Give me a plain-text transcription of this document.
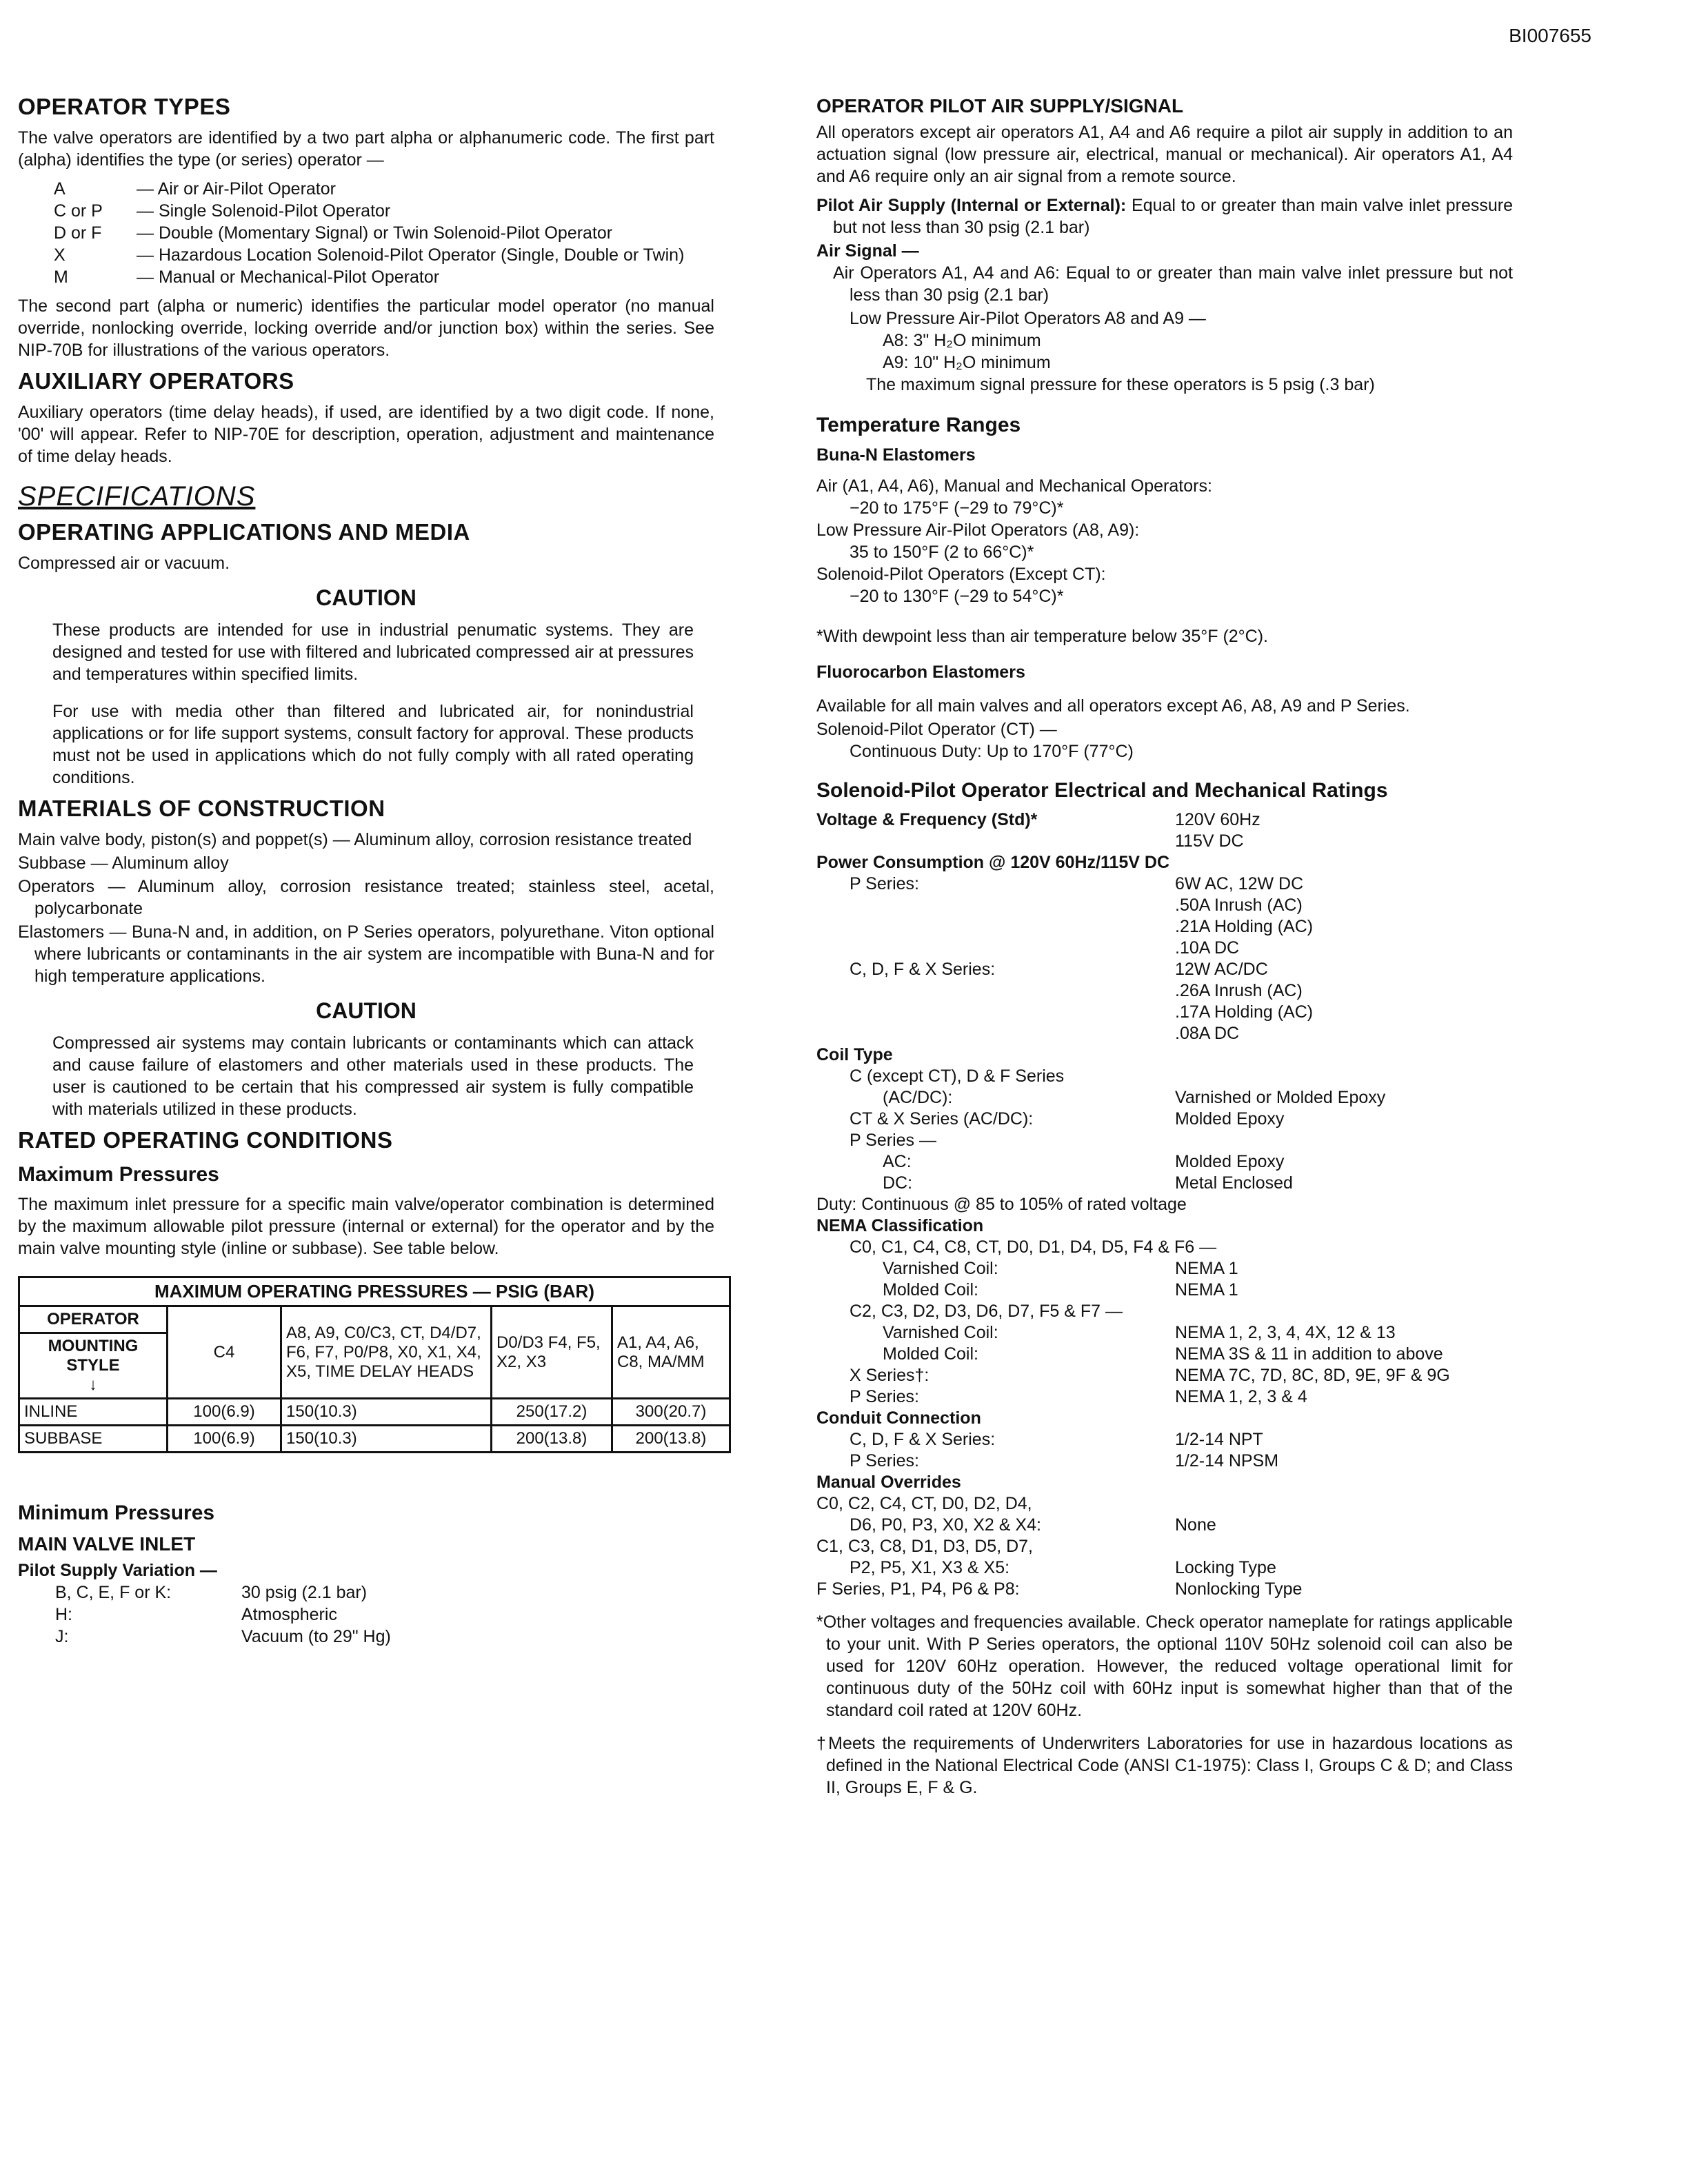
BI007655
OPERATOR TYPES

The valve operators are identified by a two part alpha or alphanumeric code. The first part (alpha) identifies the type (or series) operator —

A	— Air or Air-Pilot Operator
C or P	— Single Solenoid-Pilot Operator
D or F	— Double (Momentary Signal) or Twin Solenoid-Pilot Operator
X	— Hazardous Location Solenoid-Pilot Operator (Single, Double or Twin)
M	— Manual or Mechanical-Pilot Operator

The second part (alpha or numeric) identifies the particular model operator (no manual override, nonlocking override, locking override and/or junction box) within the series. See NIP-70B for illustrations of the various operators.

AUXILIARY OPERATORS

Auxiliary operators (time delay heads), if used, are identified by a two digit code. If none, '00' will appear. Refer to NIP-70E for description, operation, adjustment and maintenance of time delay heads.

SPECIFICATIONS
OPERATING APPLICATIONS AND MEDIA

Compressed air or vacuum.

CAUTION

These products are intended for use in industrial penumatic systems. They are designed and tested for use with filtered and lubricated compressed air at pressures and temperatures within specified limits.

For use with media other than filtered and lubricated air, for nonindustrial applications or for life support systems, consult factory for approval. These products must not be used in applications which do not fully comply with all rated operating conditions.

MATERIALS OF CONSTRUCTION
Main valve body, piston(s) and poppet(s) — Aluminum alloy, corrosion resistance treated
Subbase — Aluminum alloy
Operators — Aluminum alloy, corrosion resistance treated; stainless steel, acetal, polycarbonate
Elastomers — Buna-N and, in addition, on P Series operators, polyurethane. Viton optional where lubricants or contaminants in the air system are incompatible with Buna-N and for high temperature applications.
CAUTION

Compressed air systems may contain lubricants or contaminants which can attack and cause failure of elastomers and other materials used in these products. The user is cautioned to be certain that his compressed air system is fully compatible with materials utilized in these products.

RATED OPERATING CONDITIONS
Maximum Pressures

The maximum inlet pressure for a specific main valve/operator combination is determined by the maximum allowable pilot pressure (internal or external) for the operator and by the main valve mounting style (inline or subbase). See table below.

MAXIMUM OPERATING PRESSURES — PSIG (BAR)				

OPERATOR
MOUNTING
STYLE
↓	C4	A8, A9, C0/C3, CT, D4/D7, F6, F7, P0/P8, X0, X1, X4, X5, TIME DELAY HEADS	D0/D3 F4, F5, X2, X3	A1, A4, A6, C8, MA/MM
INLINE	100(6.9)	150(10.3)	250(17.2)	300(20.7)
SUBBASE	100(6.9)	150(10.3)	200(13.8)	200(13.8)
Minimum Pressures
MAIN VALVE INLET
Pilot Supply Variation —
B, C, E, F or K:	30 psig (2.1 bar)
H:	Atmospheric
J:	Vacuum (to 29" Hg)
OPERATOR PILOT AIR SUPPLY/SIGNAL

All operators except air operators A1, A4 and A6 require a pilot air supply in addition to an actuation signal (low pressure air, electrical, manual or mechanical). Air operators A1, A4 and A6 require only an air signal from a remote source.

Pilot Air Supply (Internal or External): Equal to or greater than main valve inlet pressure but not less than 30 psig (2.1 bar)
Air Signal —
Air Operators A1, A4 and A6: Equal to or greater than main valve inlet pressure but not less than 30 psig (2.1 bar)
Low Pressure Air-Pilot Operators A8 and A9 —
A8: 3" H₂O minimum
A9: 10" H₂O minimum
The maximum signal pressure for these operators is 5 psig (.3 bar)
Temperature Ranges
Buna-N Elastomers
Air (A1, A4, A6), Manual and Mechanical Operators:
−20 to 175°F (−29 to 79°C)*
Low Pressure Air-Pilot Operators (A8, A9):
35 to 150°F (2 to 66°C)*
Solenoid-Pilot Operators (Except CT):
−20 to 130°F (−29 to 54°C)*

*With dewpoint less than air temperature below 35°F (2°C).

Fluorocarbon Elastomers
Available for all main valves and all operators except A6, A8, A9 and P Series.
Solenoid-Pilot Operator (CT) —
Continuous Duty: Up to 170°F (77°C)
Solenoid-Pilot Operator Electrical and Mechanical Ratings
Voltage & Frequency (Std)*	120V 60Hz
115V DC
Power Consumption @ 120V 60Hz/115V DC
P Series:	6W AC, 12W DC
.50A Inrush (AC)
.21A Holding (AC)
.10A DC
C, D, F & X Series:	12W AC/DC
.26A Inrush (AC)
.17A Holding (AC)
.08A DC
Coil Type
C (except CT), D & F Series
(AC/DC):	Varnished or Molded Epoxy
CT & X Series (AC/DC):	Molded Epoxy
P Series —
AC:	Molded Epoxy
DC:	Metal Enclosed
Duty: Continuous @ 85 to 105% of rated voltage
NEMA Classification
C0, C1, C4, C8, CT, D0, D1, D4, D5, F4 & F6 —
Varnished Coil:	NEMA 1
Molded Coil:	NEMA 1
C2, C3, D2, D3, D6, D7, F5 & F7 —
Varnished Coil:	NEMA 1, 2, 3, 4, 4X, 12 & 13
Molded Coil:	NEMA 3S & 11 in addition to above
X Series†:	NEMA 7C, 7D, 8C, 8D, 9E, 9F & 9G
P Series:	NEMA 1, 2, 3 & 4
Conduit Connection
C, D, F & X Series:	1/2-14 NPT
P Series:	1/2-14 NPSM
Manual Overrides
C0, C2, C4, CT, D0, D2, D4,
D6, P0, P3, X0, X2 & X4:	None
C1, C3, C8, D1, D3, D5, D7,
P2, P5, X1, X3 & X5:	Locking Type
F Series, P1, P4, P6 & P8:	Nonlocking Type
*Other voltages and frequencies available. Check operator nameplate for ratings applicable to your unit. With P Series operators, the optional 110V 50Hz solenoid coil can also be used for 120V 60Hz operation. However, the reduced voltage operational limit for continuous duty of the 50Hz coil with 60Hz input is somewhat higher than that of the standard coil rated at 120V 60Hz.
†Meets the requirements of Underwriters Laboratories for use in hazardous locations as defined in the National Electrical Code (ANSI C1-1975): Class I, Groups C & D; and Class II, Groups E, F & G.
